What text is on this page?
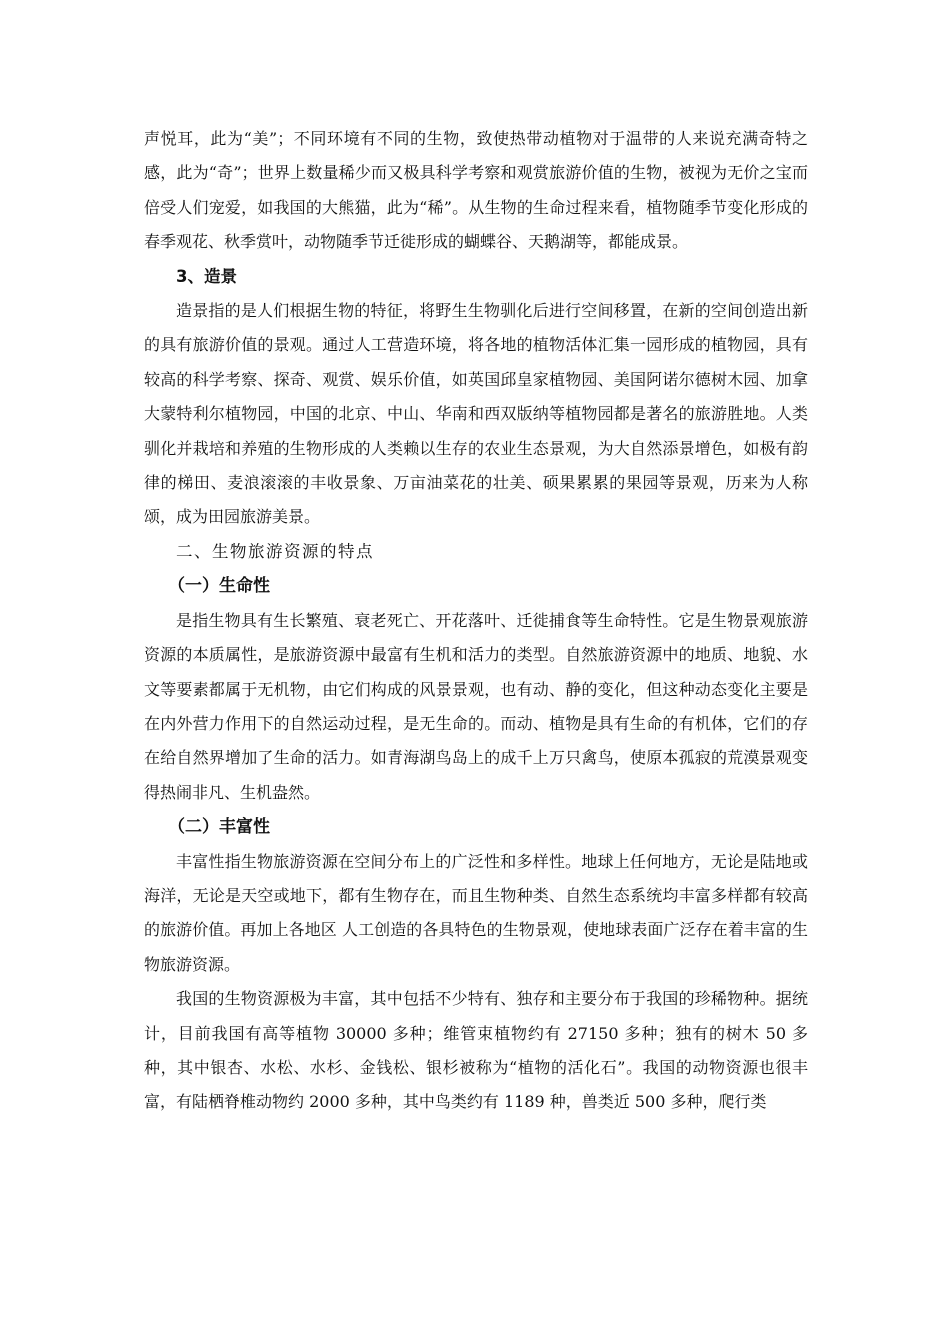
声悦耳，此为“美”；不同环境有不同的生物，致使热带动植物对于温带的人来说充满奇特之感，此为“奇”；世界上数量稀少而又极具科学考察和观赏旅游价值的生物，被视为无价之宝而倍受人们宠爱，如我国的大熊猫，此为“稀”。从生物的生命过程来看，植物随季节变化形成的春季观花、秋季赏叶，动物随季节迁徙形成的蝴蝶谷、天鹅湖等，都能成景。

3、造景

造景指的是人们根据生物的特征，将野生生物驯化后进行空间移置，在新的空间创造出新的具有旅游价值的景观。通过人工营造环境，将各地的植物活体汇集一园形成的植物园，具有较高的科学考察、探奇、观赏、娱乐价值，如英国邱皇家植物园、美国阿诺尔德树木园、加拿大蒙特利尔植物园，中国的北京、中山、华南和西双版纳等植物园都是著名的旅游胜地。人类驯化并栽培和养殖的生物形成的人类赖以生存的农业生态景观，为大自然添景增色，如极有韵律的梯田、麦浪滚滚的丰收景象、万亩油菜花的壮美、硕果累累的果园等景观，历来为人称颂，成为田园旅游美景。

二、生物旅游资源的特点

（一）生命性

是指生物具有生长繁殖、衰老死亡、开花落叶、迁徙捕食等生命特性。它是生物景观旅游资源的本质属性，是旅游资源中最富有生机和活力的类型。自然旅游资源中的地质、地貌、水文等要素都属于无机物，由它们构成的风景景观，也有动、静的变化，但这种动态变化主要是在内外营力作用下的自然运动过程，是无生命的。而动、植物是具有生命的有机体，它们的存在给自然界增加了生命的活力。如青海湖鸟岛上的成千上万只禽鸟，使原本孤寂的荒漠景观变得热闹非凡、生机盎然。

（二）丰富性

丰富性指生物旅游资源在空间分布上的广泛性和多样性。地球上任何地方，无论是陆地或海洋，无论是天空或地下，都有生物存在，而且生物种类、自然生态系统均丰富多样都有较高的旅游价值。再加上各地区 人工创造的各具特色的生物景观，使地球表面广泛存在着丰富的生物旅游资源。

我国的生物资源极为丰富，其中包括不少特有、独存和主要分布于我国的珍稀物种。据统计，目前我国有高等植物 30000 多种；维管束植物约有 27150 多种；独有的树木 50 多种，其中银杏、水松、水杉、金钱松、银杉被称为“植物的活化石”。我国的动物资源也很丰富，有陆栖脊椎动物约 2000 多种，其中鸟类约有 1189 种，兽类近 500 多种，爬行类
